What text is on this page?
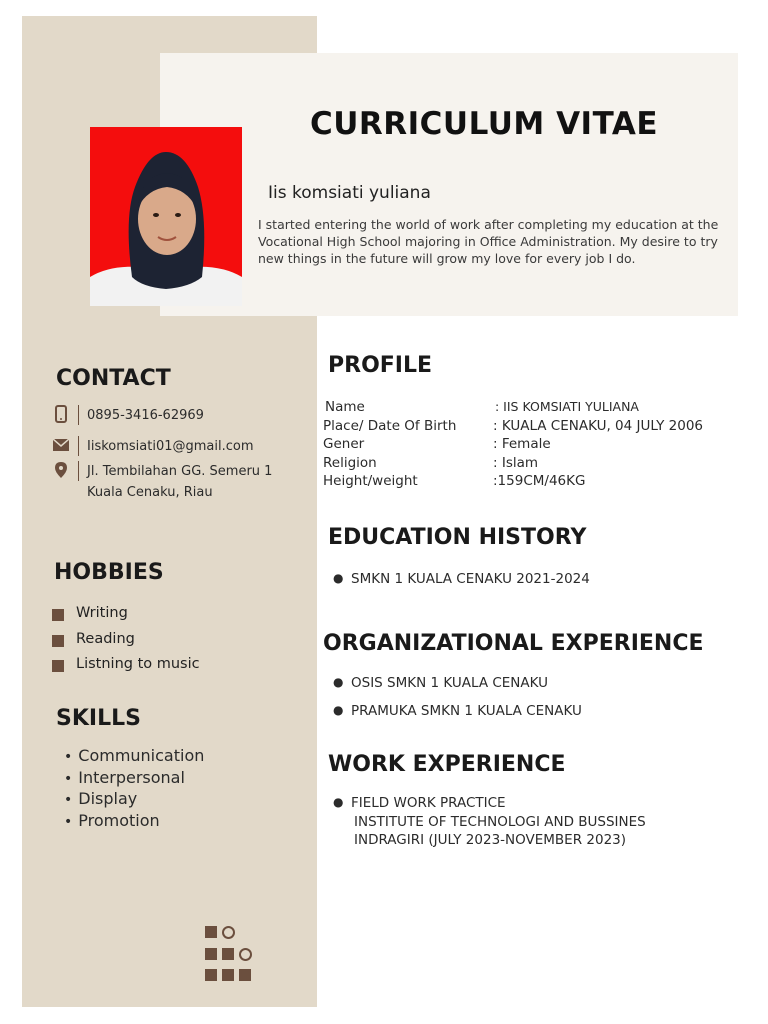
CURRICULUM VITAE
Iis komsiati yuliana
I started entering the world of work after completing my education at the Vocational High School majoring in Office Administration. My desire to try new things in the future will grow my love for every job I do.
CONTACT
0895-3416-62969
Iiskomsiati01@gmail.com
Jl. Tembilahan GG. Semeru 1
Kuala Cenaku, Riau
HOBBIES
Writing
Reading
Listning to music
SKILLS
• Communication
• Interpersonal
• Display
• Promotion
PROFILE
Name	: IIS KOMSIATI YULIANA
Place/ Date Of Birth	: KUALA CENAKU, 04 JULY 2006
Gener	: Female
Religion	: Islam
Height/weight	:159CM/46KG
EDUCATION HISTORY
● SMKN 1 KUALA CENAKU 2021-2024
ORGANIZATIONAL EXPERIENCE
● OSIS SMKN 1 KUALA CENAKU
● PRAMUKA SMKN 1 KUALA CENAKU
WORK EXPERIENCE
● FIELD WORK PRACTICE
INSTITUTE OF TECHNOLOGI AND BUSSINES
INDRAGIRI (JULY 2023-NOVEMBER 2023)
